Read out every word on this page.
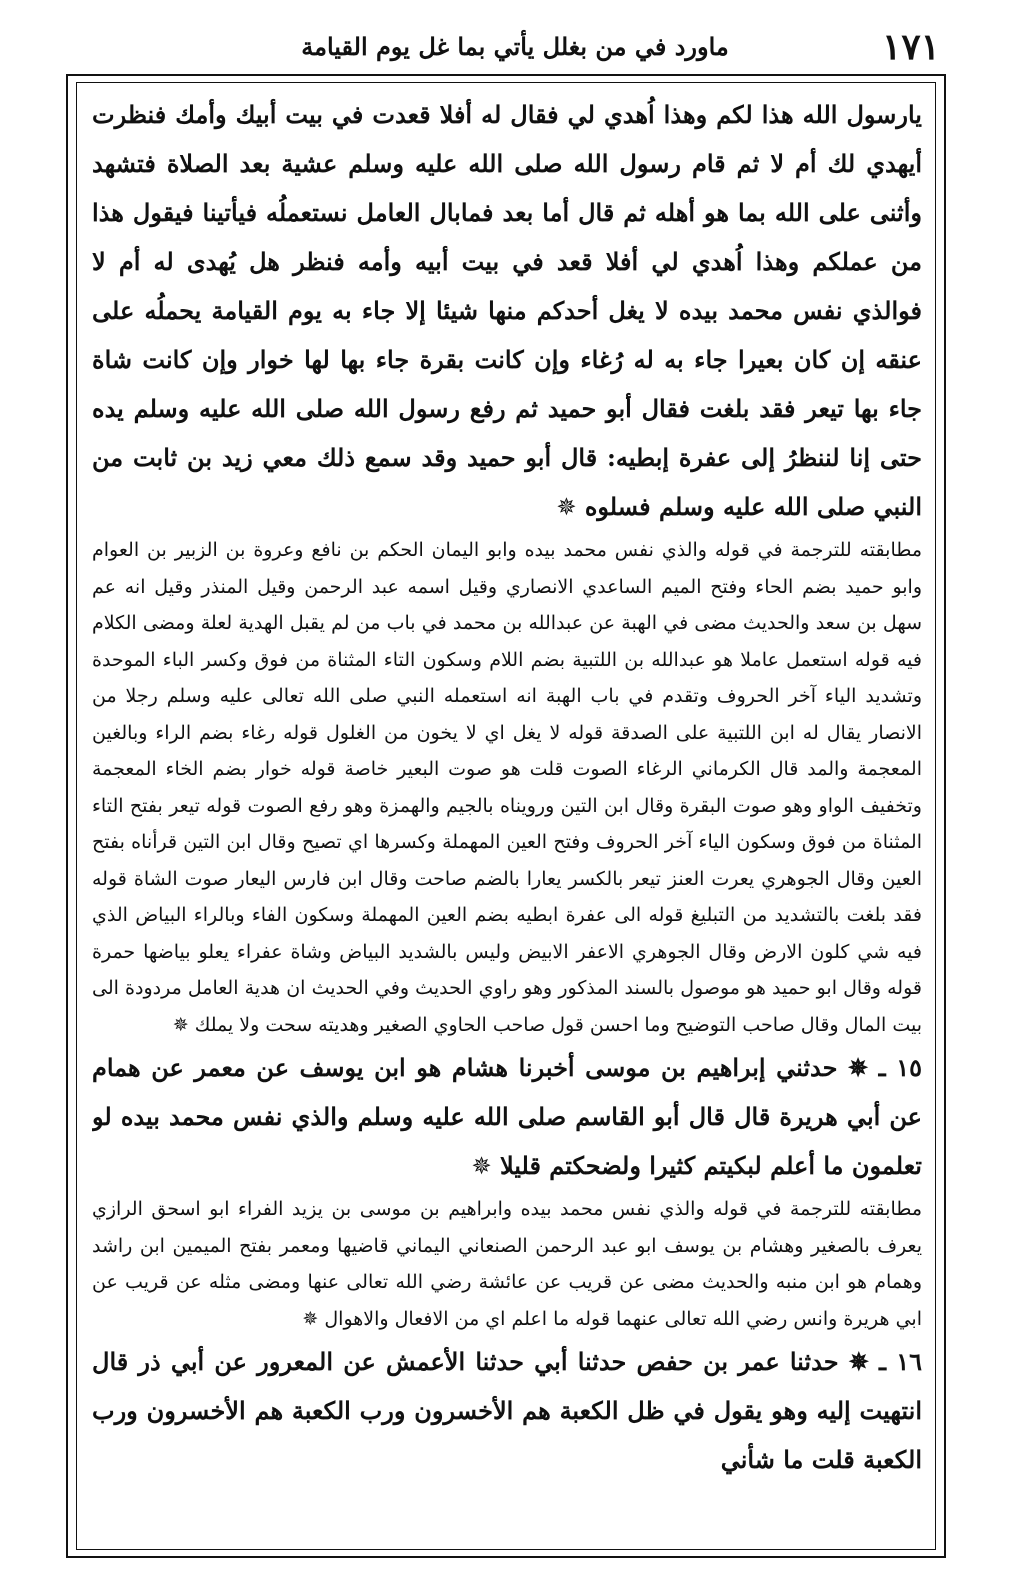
١٧١
ماورد في من بغلل يأتي بما غل يوم القيامة

يارسول الله هذا لكم وهذا اُهدي لي فقال له أفلا قعدت في بيت أبيك وأمك فنظرت أيهدي لك أم لا ثم قام رسول الله صلى الله عليه وسلم عشية بعد الصلاة فتشهد وأثنى على الله بما هو أهله ثم قال أما بعد فمابال العامل نستعملُه فيأتينا فيقول هذا من عملكم وهذا اُهدي لي أفلا قعد في بيت أبيه وأمه فنظر هل يُهدى له أم لا فوالذي نفس محمد بيده لا يغل أحدكم منها شيئا إلا جاء به يوم القيامة يحملُه على عنقه إن كان بعيرا جاء به له رُغاء وإن كانت بقرة جاء بها لها خوار وإن كانت شاة جاء بها تيعر فقد بلغت فقال أبو حميد ثم رفع رسول الله صلى الله عليه وسلم يده حتى إنا لننظرُ إلى عفرة إبطيه: قال أبو حميد وقد سمع ذلك معي زيد بن ثابت من النبي صلى الله عليه وسلم فسلوه ✵

مطابقته للترجمة في قوله والذي نفس محمد بيده وابو اليمان الحكم بن نافع وعروة بن الزبير بن العوام وابو حميد بضم الحاء وفتح الميم الساعدي الانصاري وقيل اسمه عبد الرحمن وقيل المنذر وقيل انه عم سهل بن سعد والحديث مضى في الهبة عن عبدالله بن محمد في باب من لم يقبل الهدية لعلة ومضى الكلام فيه قوله استعمل عاملا هو عبدالله بن اللتبية بضم اللام وسكون التاء المثناة من فوق وكسر الباء الموحدة وتشديد الياء آخر الحروف وتقدم في باب الهبة انه استعمله النبي صلى الله تعالى عليه وسلم رجلا من الانصار يقال له ابن اللتبية على الصدقة قوله لا يغل اي لا يخون من الغلول قوله رغاء بضم الراء وبالغين المعجمة والمد قال الكرماني الرغاء الصوت قلت هو صوت البعير خاصة قوله خوار بضم الخاء المعجمة وتخفيف الواو وهو صوت البقرة وقال ابن التين ورويناه بالجيم والهمزة وهو رفع الصوت قوله تيعر بفتح التاء المثناة من فوق وسكون الياء آخر الحروف وفتح العين المهملة وكسرها اي تصيح وقال ابن التين قرأناه بفتح العين وقال الجوهري يعرت العنز تيعر بالكسر يعارا بالضم صاحت وقال ابن فارس اليعار صوت الشاة قوله فقد بلغت بالتشديد من التبليغ قوله الى عفرة ابطيه بضم العين المهملة وسكون الفاء وبالراء البياض الذي فيه شي كلون الارض وقال الجوهري الاعفر الابيض وليس بالشديد البياض وشاة عفراء يعلو بياضها حمرة قوله وقال ابو حميد هو موصول بالسند المذكور وهو راوي الحديث وفي الحديث ان هدية العامل مردودة الى بيت المال وقال صاحب التوضيح وما احسن قول صاحب الحاوي الصغير وهديته سحت ولا يملك ✵

١٥ ـ ✵ حدثني إبراهيم بن موسى أخبرنا هشام هو ابن يوسف عن معمر عن همام عن أبي هريرة قال قال أبو القاسم صلى الله عليه وسلم والذي نفس محمد بيده لو تعلمون ما أعلم لبكيتم كثيرا ولضحكتم قليلا ✵

مطابقته للترجمة في قوله والذي نفس محمد بيده وابراهيم بن موسى بن يزيد الفراء ابو اسحق الرازي يعرف بالصغير وهشام بن يوسف ابو عبد الرحمن الصنعاني اليماني قاضيها ومعمر بفتح الميمين ابن راشد وهمام هو ابن منبه والحديث مضى عن قريب عن عائشة رضي الله تعالى عنها ومضى مثله عن قريب عن ابي هريرة وانس رضي الله تعالى عنهما قوله ما اعلم اي من الافعال والاهوال ✵

١٦ ـ ✵ حدثنا عمر بن حفص حدثنا أبي حدثنا الأعمش عن المعرور عن أبي ذر قال انتهيت إليه وهو يقول في ظل الكعبة هم الأخسرون ورب الكعبة هم الأخسرون ورب الكعبة قلت ما شأني
